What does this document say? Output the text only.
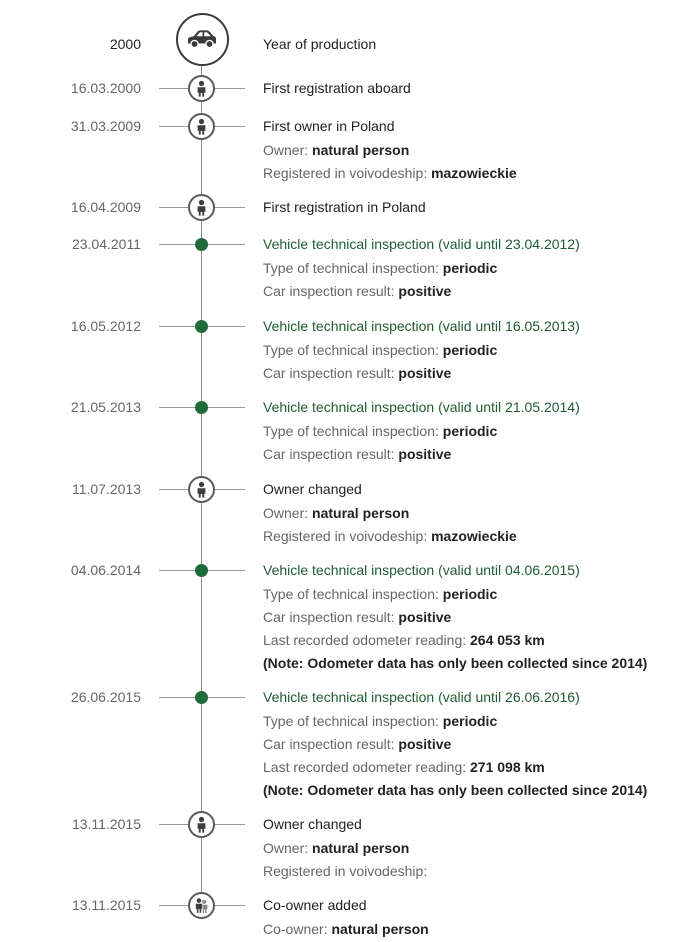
2000	Year of production
16.03.2000	First registration aboard
31.03.2009	First owner in Poland
Owner: natural person
Registered in voivodeship: mazowieckie
16.04.2009	First registration in Poland
23.04.2011	Vehicle technical inspection (valid until 23.04.2012)
Type of technical inspection: periodic
Car inspection result: positive
16.05.2012	Vehicle technical inspection (valid until 16.05.2013)
Type of technical inspection: periodic
Car inspection result: positive
21.05.2013	Vehicle technical inspection (valid until 21.05.2014)
Type of technical inspection: periodic
Car inspection result: positive
11.07.2013	Owner changed
Owner: natural person
Registered in voivodeship: mazowieckie
04.06.2014	Vehicle technical inspection (valid until 04.06.2015)
Type of technical inspection: periodic
Car inspection result: positive
Last recorded odometer reading: 264 053 km
(Note: Odometer data has only been collected since 2014)
26.06.2015	Vehicle technical inspection (valid until 26.06.2016)
Type of technical inspection: periodic
Car inspection result: positive
Last recorded odometer reading: 271 098 km
(Note: Odometer data has only been collected since 2014)
13.11.2015	Owner changed
Owner: natural person
Registered in voivodeship:
13.11.2015	Co-owner added
Co-owner: natural person
